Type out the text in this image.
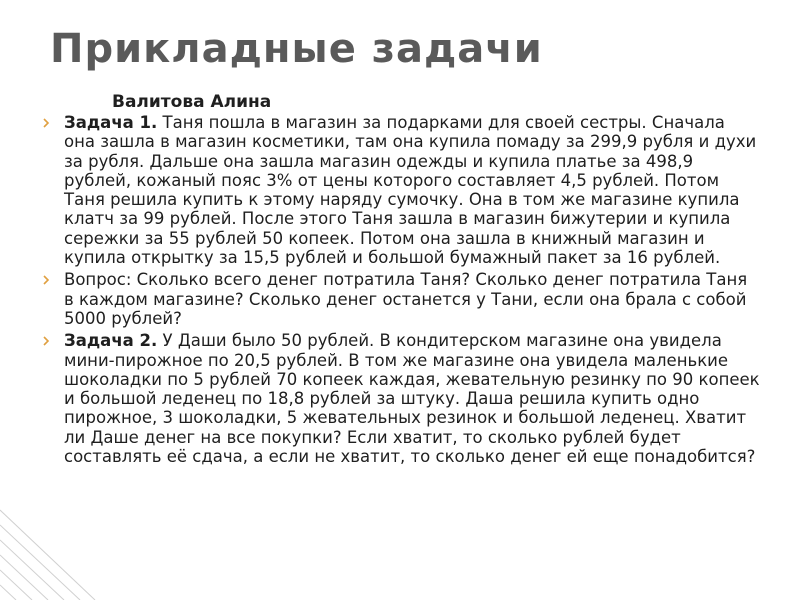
Прикладные задачи
Валитова Алина

Задача 1. Таня пошла в магазин за подарками для своей сестры. Сначала она зашла в магазин косметики, там она купила помаду за 299,9 рубля и духи за рубля. Дальше она зашла магазин одежды и купила платье за 498,9 рублей, кожаный пояс 3% от цены которого составляет 4,5 рублей. Потом Таня решила купить к этому наряду сумочку. Она в том же магазине купила клатч за 99 рублей. После этого Таня зашла в магазин бижутерии и купила сережки за 55 рублей 50 копеек. Потом она зашла в книжный магазин и купила открытку за 15,5 рублей и большой бумажный пакет за 16 рублей.

Вопрос: Сколько всего денег потратила Таня? Сколько денег потратила Таня в каждом магазине? Сколько денег останется у Тани, если она брала с собой 5000 рублей?

Задача 2. У Даши было 50 рублей. В кондитерском магазине она увидела мини-пирожное по 20,5 рублей. В том же магазине она увидела маленькие шоколадки по 5 рублей 70 копеек каждая, жевательную резинку по 90 копеек и большой леденец по 18,8 рублей за штуку. Даша решила купить одно пирожное, 3 шоколадки, 5 жевательных резинок и большой леденец. Хватит ли Даше денег на все покупки? Если хватит, то сколько рублей будет составлять её сдача, а если не хватит, то сколько денег ей еще понадобится?
